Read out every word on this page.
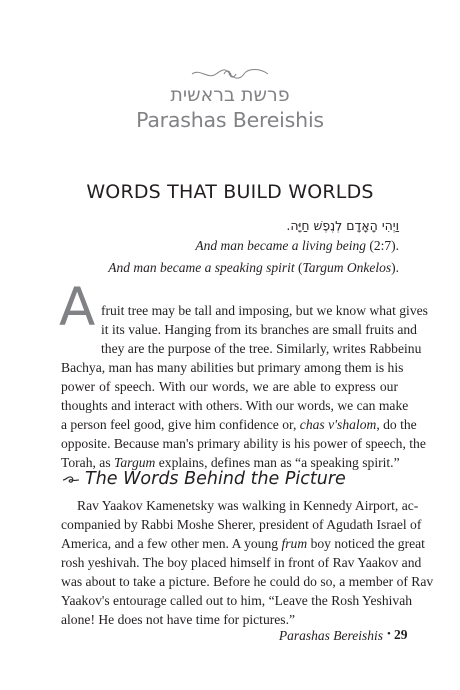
פרשת בראשית
Parashas Bereishis
WORDS THAT BUILD WORLDS
וַיְהִי הָאָדָם לְנֶפֶשׁ חַיָּה.
And man became a living being (2:7).
And man became a speaking spirit (Targum Onkelos).
A fruit tree may be tall and imposing, but we know what gives
it its value. Hanging from its branches are small fruits and
they are the purpose of the tree. Similarly, writes Rabbeinu
Bachya, man has many abilities but primary among them is his
power of speech. With our words, we are able to express our
thoughts and interact with others. With our words, we can make
a person feel good, give him confidence or, chas v'shalom, do the
opposite. Because man's primary ability is his power of speech, the
Torah, as Targum explains, defines man as “a speaking spirit.”
The Words Behind the Picture
Rav Yaakov Kamenetsky was walking in Kennedy Airport, ac-
companied by Rabbi Moshe Sherer, president of Agudath Israel of
America, and a few other men. A young frum boy noticed the great
rosh yeshivah. The boy placed himself in front of Rav Yaakov and
was about to take a picture. Before he could do so, a member of Rav
Yaakov's entourage called out to him, “Leave the Rosh Yeshivah
alone! He does not have time for pictures.”
Parashas Bereishis • 29
